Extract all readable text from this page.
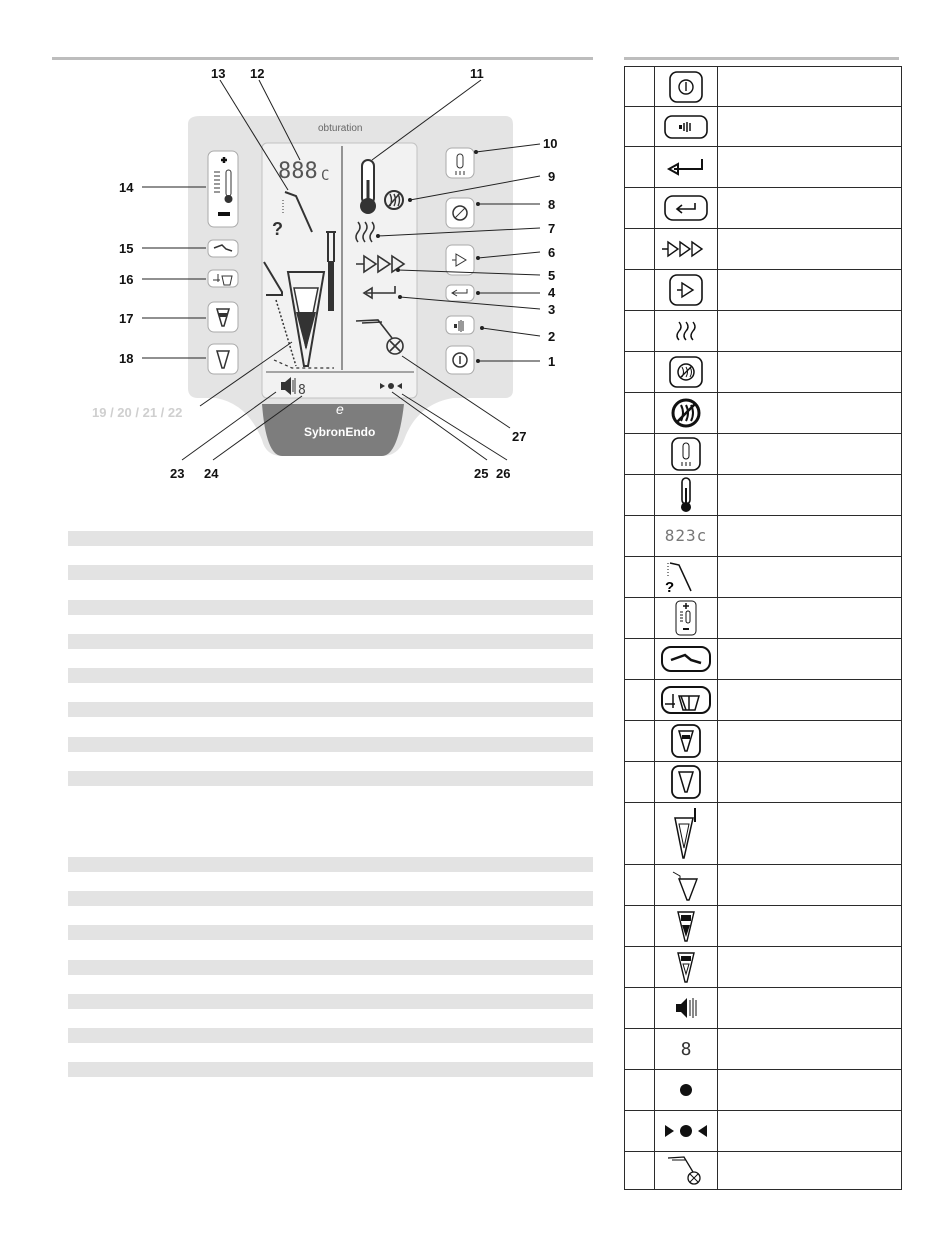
obturation
888 C
?
8
e
SybronEndo
1
2
3
4
5
6
7
8
9
10
11
12
13
14
15
16
17
18
19 / 20 / 21 / 22
23 24	25 26
27

	823c	

?	

	8	
